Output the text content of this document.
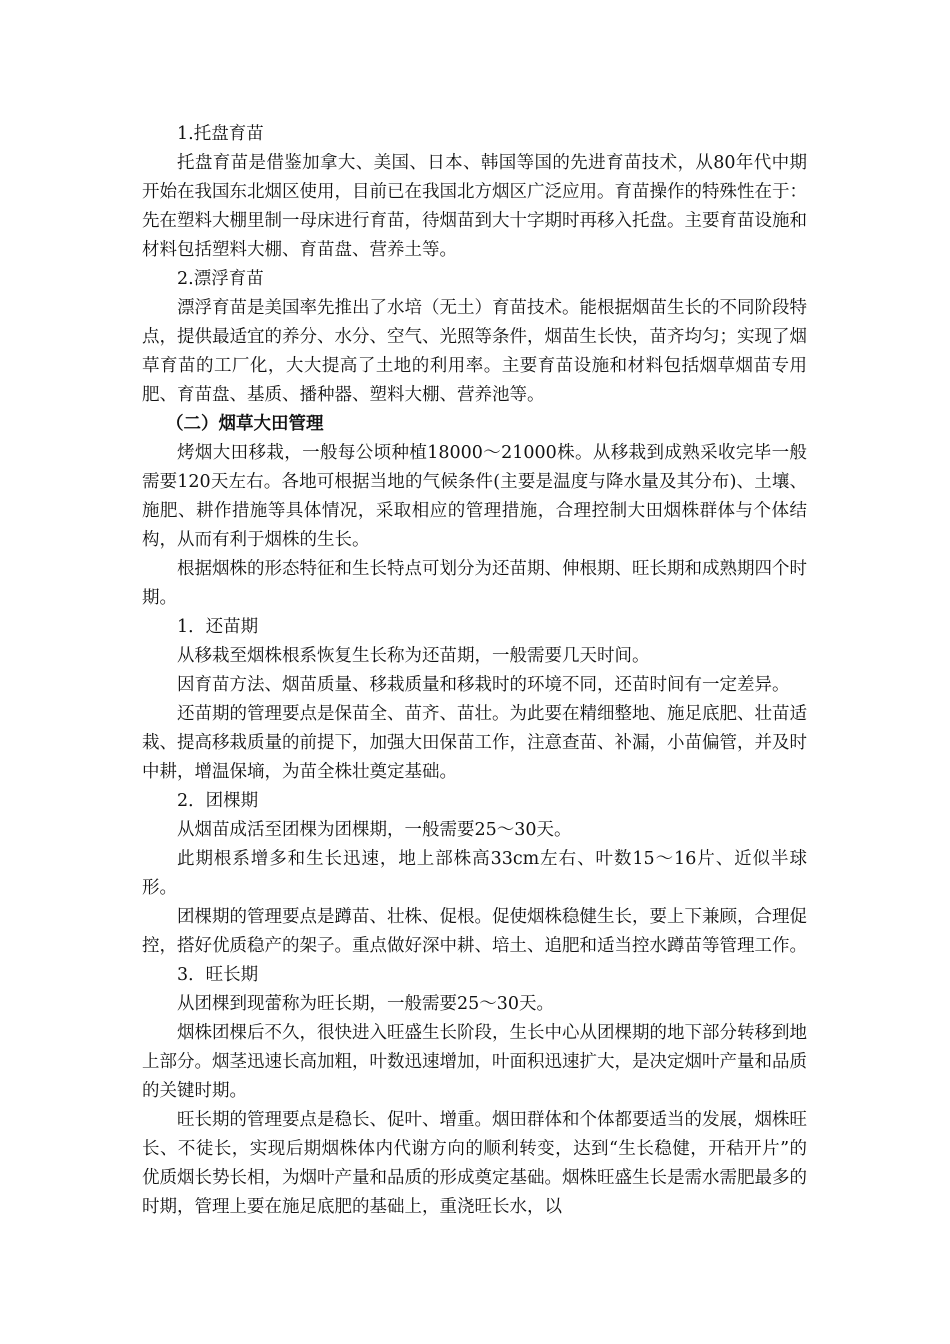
1.托盘育苗
托盘育苗是借鉴加拿大、美国、日本、韩国等国的先进育苗技术，从80年代中期开始在我国东北烟区使用，目前已在我国北方烟区广泛应用。育苗操作的特殊性在于：先在塑料大棚里制一母床进行育苗，待烟苗到大十字期时再移入托盘。主要育苗设施和材料包括塑料大棚、育苗盘、营养土等。
2.漂浮育苗
漂浮育苗是美国率先推出了水培（无土）育苗技术。能根据烟苗生长的不同阶段特点，提供最适宜的养分、水分、空气、光照等条件，烟苗生长快，苗齐均匀；实现了烟草育苗的工厂化，大大提高了土地的利用率。主要育苗设施和材料包括烟草烟苗专用肥、育苗盘、基质、播种器、塑料大棚、营养池等。
（二）烟草大田管理
烤烟大田移栽，一般每公顷种植18000～21000株。从移栽到成熟采收完毕一般需要120天左右。各地可根据当地的气候条件(主要是温度与降水量及其分布)、土壤、施肥、耕作措施等具体情况，采取相应的管理措施，合理控制大田烟株群体与个体结构，从而有利于烟株的生长。
根据烟株的形态特征和生长特点可划分为还苗期、伸根期、旺长期和成熟期四个时期。
1．还苗期
从移栽至烟株根系恢复生长称为还苗期，一般需要几天时间。
因育苗方法、烟苗质量、移栽质量和移栽时的环境不同，还苗时间有一定差异。
还苗期的管理要点是保苗全、苗齐、苗壮。为此要在精细整地、施足底肥、壮苗适栽、提高移栽质量的前提下，加强大田保苗工作，注意查苗、补漏，小苗偏管，并及时中耕，增温保墒，为苗全株壮奠定基础。
2．团棵期
从烟苗成活至团棵为团棵期，一般需要25～30天。
此期根系增多和生长迅速，地上部株高33cm左右、叶数15～16片、近似半球形。
团棵期的管理要点是蹲苗、壮株、促根。促使烟株稳健生长，要上下兼顾，合理促控，搭好优质稳产的架子。重点做好深中耕、培土、追肥和适当控水蹲苗等管理工作。
3．旺长期
从团棵到现蕾称为旺长期，一般需要25～30天。
烟株团棵后不久，很快进入旺盛生长阶段，生长中心从团棵期的地下部分转移到地上部分。烟茎迅速长高加粗，叶数迅速增加，叶面积迅速扩大，是决定烟叶产量和品质的关键时期。
旺长期的管理要点是稳长、促叶、增重。烟田群体和个体都要适当的发展，烟株旺长、不徒长，实现后期烟株体内代谢方向的顺利转变，达到“生长稳健，开秸开片”的优质烟长势长相，为烟叶产量和品质的形成奠定基础。烟株旺盛生长是需水需肥最多的时期，管理上要在施足底肥的基础上，重浇旺长水，以
